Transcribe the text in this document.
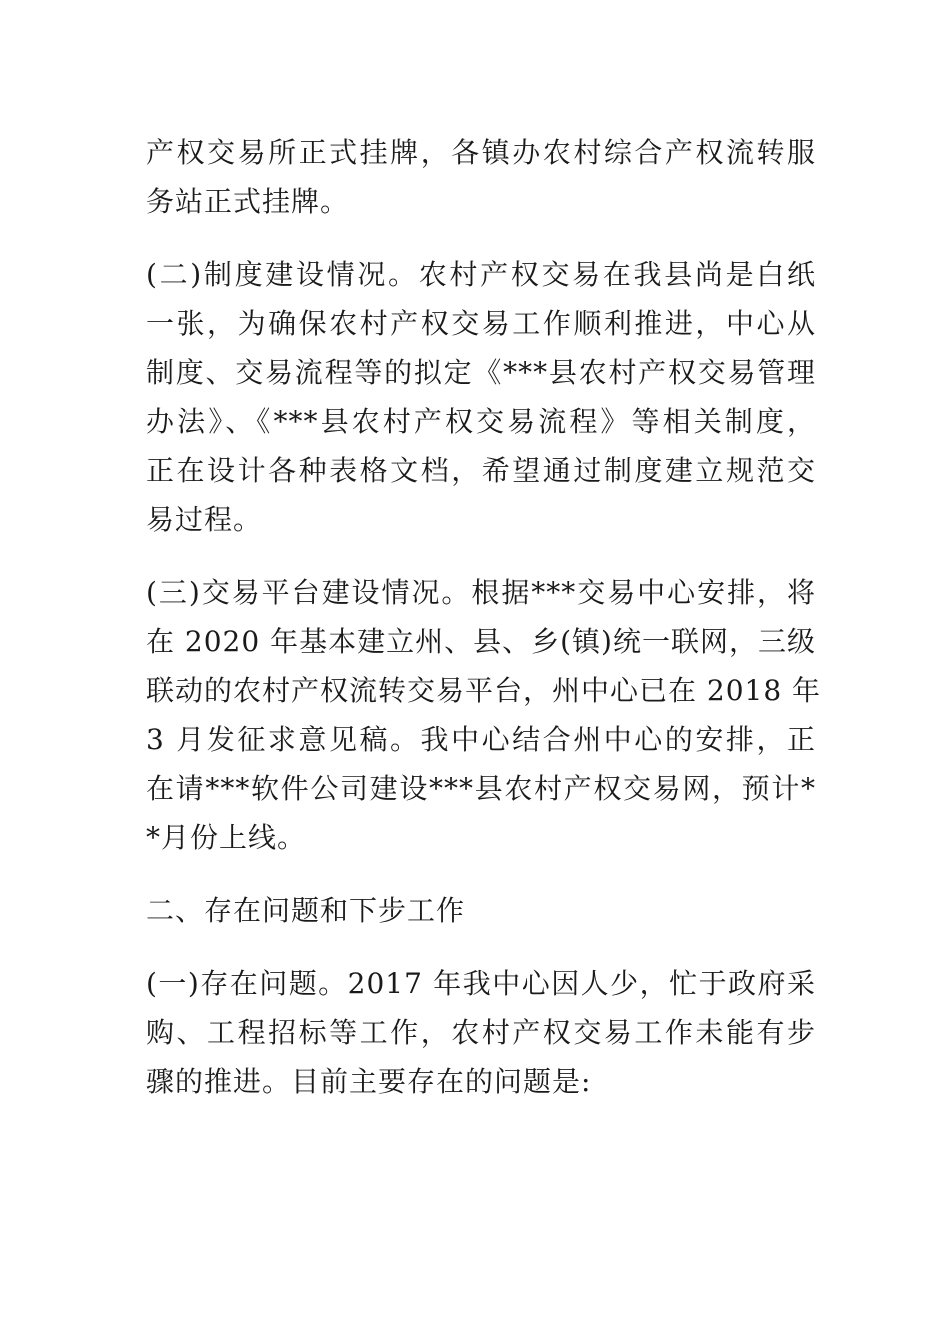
产权交易所正式挂牌，各镇办农村综合产权流转服
务站正式挂牌。
(二)制度建设情况。农村产权交易在我县尚是白纸
一张，为确保农村产权交易工作顺利推进，中心从
制度、交易流程等的拟定《***县农村产权交易管理
办法》、《***县农村产权交易流程》等相关制度，
正在设计各种表格文档，希望通过制度建立规范交
易过程。
(三)交易平台建设情况。根据***交易中心安排，将
在 2020 年基本建立州、县、乡(镇)统一联网，三级
联动的农村产权流转交易平台，州中心已在 2018 年
3 月发征求意见稿。我中心结合州中心的安排，正
在请***软件公司建设***县农村产权交易网，预计*
*月份上线。
二、存在问题和下步工作
(一)存在问题。2017 年我中心因人少，忙于政府采
购、工程招标等工作，农村产权交易工作未能有步
骤的推进。目前主要存在的问题是:
